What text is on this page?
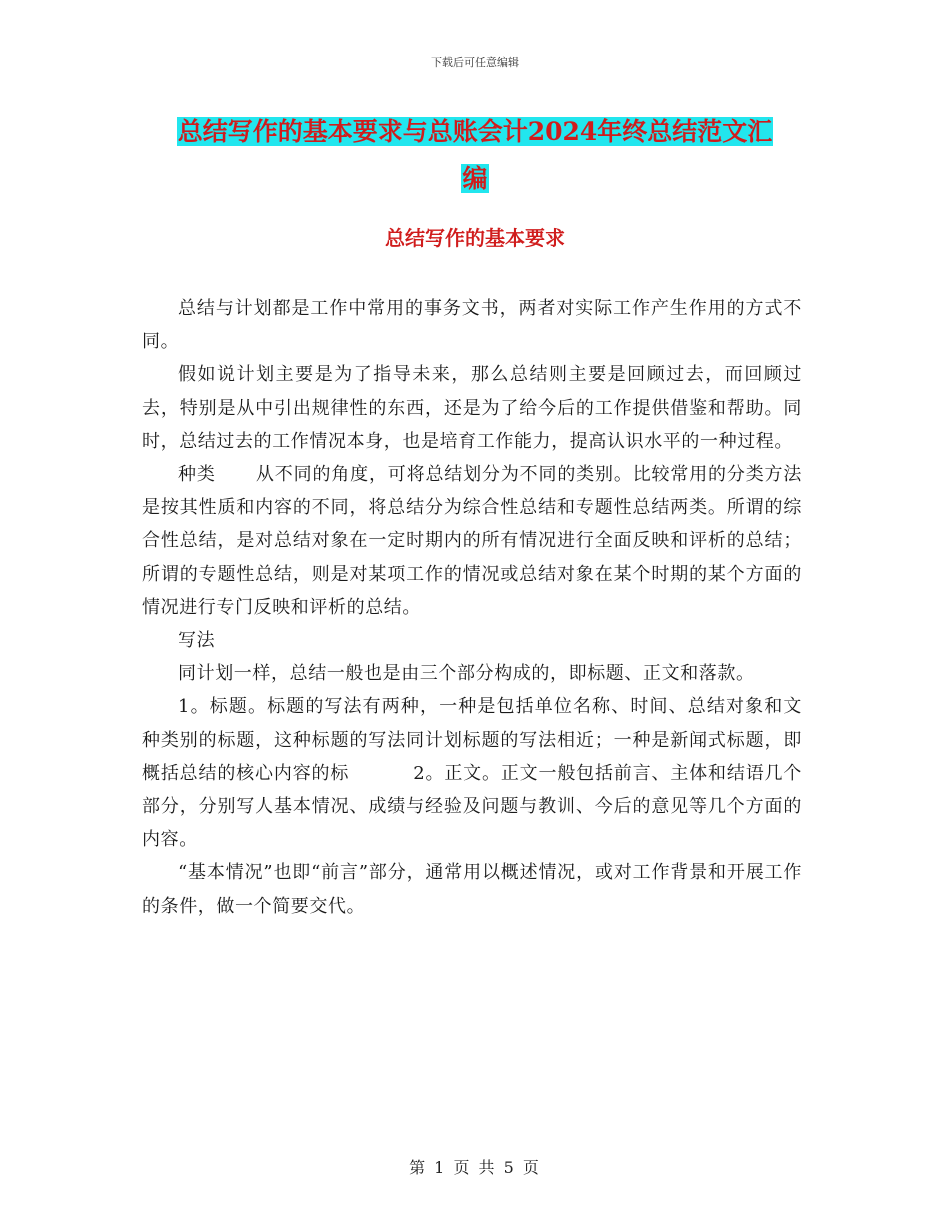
下载后可任意编辑
总结写作的基本要求与总账会计2024年终总结范文汇
编
总结写作的基本要求

总结与计划都是工作中常用的事务文书，两者对实际工作产生作用的方式不同。

假如说计划主要是为了指导未来，那么总结则主要是回顾过去，而回顾过去，特别是从中引出规律性的东西，还是为了给今后的工作提供借鉴和帮助。同时，总结过去的工作情况本身，也是培育工作能力，提高认识水平的一种过程。

种类 从不同的角度，可将总结划分为不同的类别。比较常用的分类方法是按其性质和内容的不同，将总结分为综合性总结和专题性总结两类。所谓的综合性总结，是对总结对象在一定时期内的所有情况进行全面反映和评析的总结；所谓的专题性总结，则是对某项工作的情况或总结对象在某个时期的某个方面的情况进行专门反映和评析的总结。

写法

同计划一样，总结一般也是由三个部分构成的，即标题、正文和落款。

1。标题。标题的写法有两种，一种是包括单位名称、时间、总结对象和文种类别的标题，这种标题的写法同计划标题的写法相近；一种是新闻式标题，即概括总结的核心内容的标	2。正文。正文一般包括前言、主体和结语几个部分，分别写人基本情况、成绩与经验及问题与教训、今后的意见等几个方面的内容。

“基本情况”也即“前言”部分，通常用以概述情况，或对工作背景和开展工作的条件，做一个简要交代。

第 1 页 共 5 页
